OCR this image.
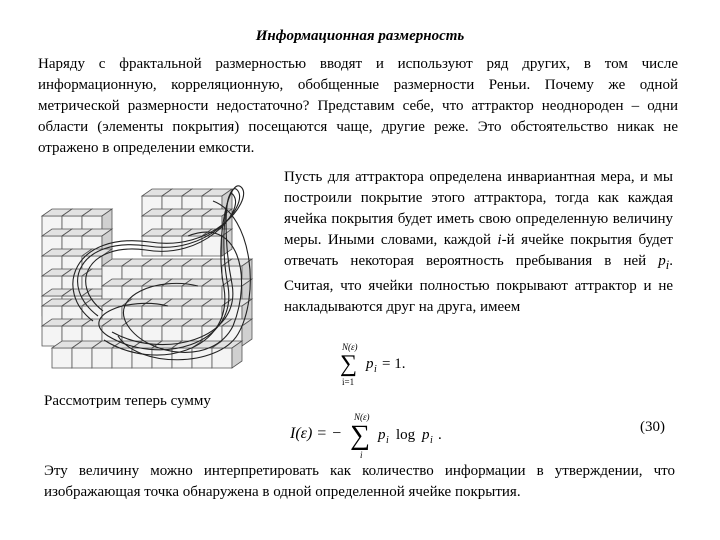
Информационная размерность

Наряду с фрактальной размерностью вводят и используют ряд других, в том числе информационную, корреляционную, обобщенные размерности Реньи. Почему же одной метрической размерности недостаточно? Представим себе, что аттрактор неоднороден – одни области (элементы покрытия) посещаются чаще, другие реже. Это обстоятельство никак не отражено в определении емкости.

Пусть для аттрактора определена инвариантная мера, и мы построили покрытие этого аттрактора, тогда как каждая ячейка покрытия будет иметь свою определенную величину меры. Иными словами, каждой i-й ячейке покрытия будет отвечать некоторая вероятность пребывания в ней $p_i$. Считая, что ячейки полностью покрывают аттрактор и не накладываются друг на друга, имеем

N(ε)
∑
i=1
p i = 1.

Рассмотрим теперь сумму

I(ε) = −
N(ε)
∑
i
p i log p i .	(30)

Эту величину можно интерпретировать как количество информации в утверждении, что изображающая точка обнаружена в одной определенной ячейке покрытия.
